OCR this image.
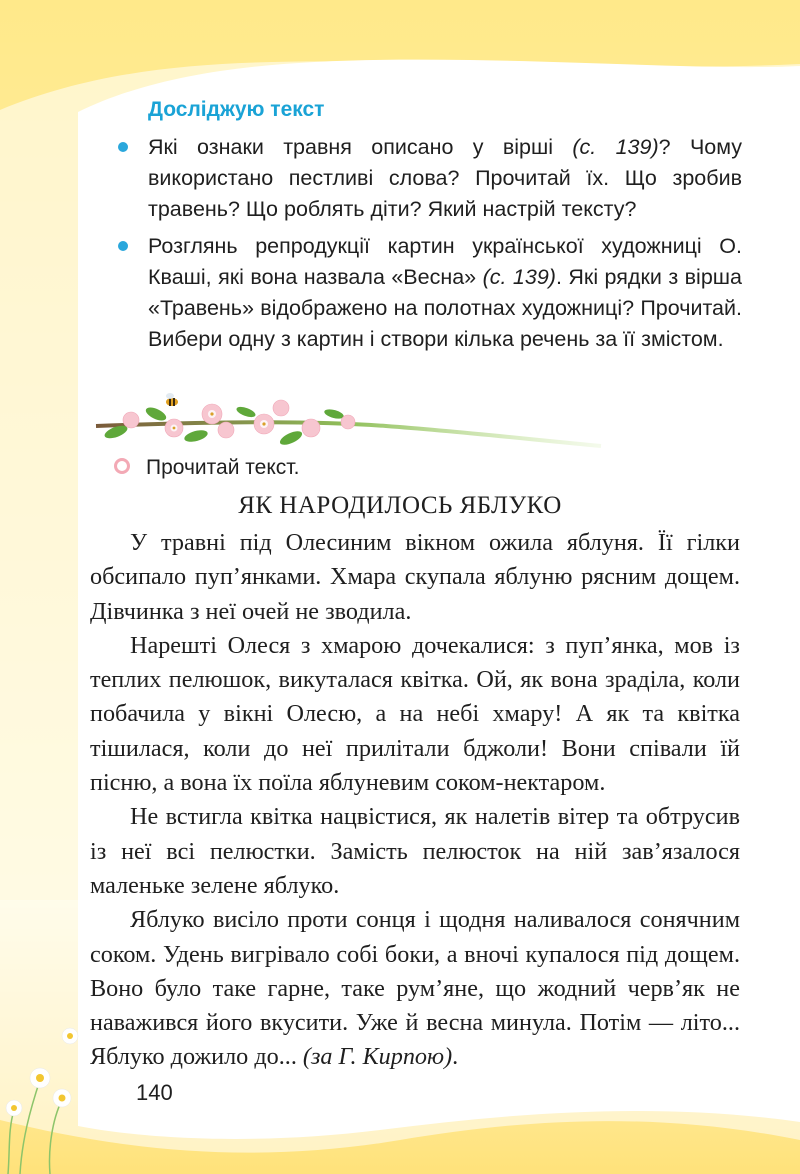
Досліджую текст
Які ознаки травня описано у вірші (с. 139)? Чому використано пестливі слова? Прочитай їх. Що зробив травень? Що роблять діти? Який настрій тексту?
Розглянь репродукції картин української художниці О. Кваші, які вона назвала «Весна» (с. 139). Які рядки з вірша «Травень» відображено на полотнах художниці? Прочитай. Вибери одну з картин і створи кілька речень за її змістом.
Прочитай текст.
ЯК НАРОДИЛОСЬ ЯБЛУКО

У травні під Олесиним вікном ожила яблуня. Її гілки обсипало пуп’янками. Хмара скупала яблуню рясним дощем. Дівчинка з неї очей не зводила.

Нарешті Олеся з хмарою дочекалися: з пуп’янка, мов із теплих пелюшок, викуталася квітка. Ой, як вона зраділа, коли побачила у вікні Олесю, а на небі хмару! А як та квітка тішилася, коли до неї прилітали бджоли! Вони співали їй пісню, а вона їх поїла яблуневим соком-нектаром.

Не встигла квітка нацвістися, як налетів вітер та обтрусив із неї всі пелюстки. Замість пелюсток на ній зав’язалося маленьке зелене яблуко.

Яблуко висіло проти сонця і щодня наливалося сонячним соком. Удень вигрівало собі боки, а вночі купалося під дощем. Воно було таке гарне, таке рум’яне, що жодний черв’як не наважився його вкусити. Уже й весна минула. Потім — літо... Яблуко дожило до... (за Г. Кирпою).

140
